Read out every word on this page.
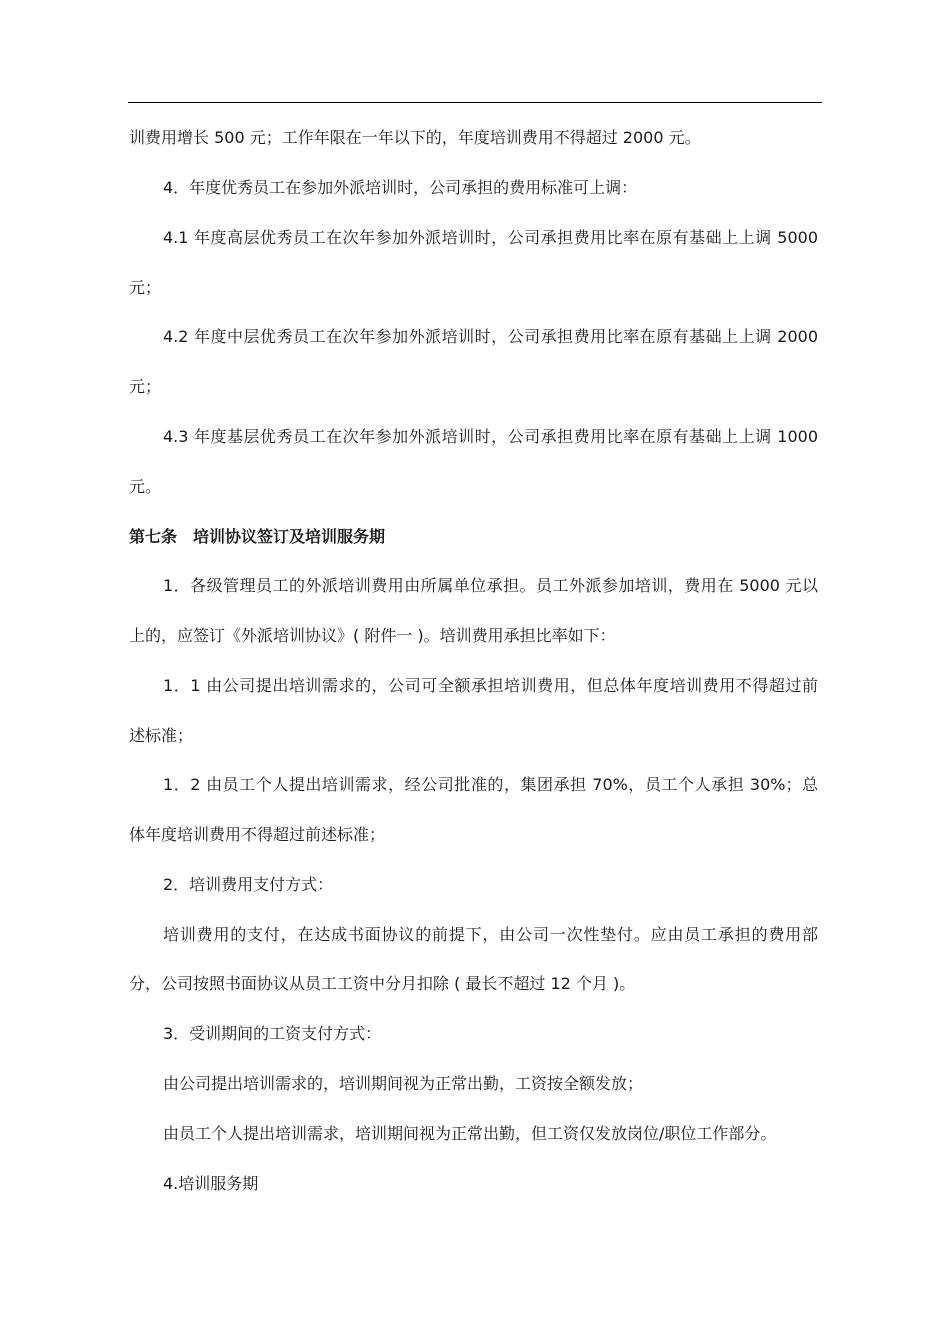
训费用增长 500 元；工作年限在一年以下的，年度培训费用不得超过 2000 元。
4．年度优秀员工在参加外派培训时，公司承担的费用标准可上调：
4.1 年度高层优秀员工在次年参加外派培训时，公司承担费用比率在原有基础上上调 5000
元；
4.2 年度中层优秀员工在次年参加外派培训时，公司承担费用比率在原有基础上上调 2000
元；
4.3 年度基层优秀员工在次年参加外派培训时，公司承担费用比率在原有基础上上调 1000
元。
第七条　培训协议签订及培训服务期
1．各级管理员工的外派培训费用由所属单位承担。员工外派参加培训，费用在 5000 元以
上的，应签订《外派培训协议》( 附件一 )。培训费用承担比率如下：
1．1 由公司提出培训需求的，公司可全额承担培训费用，但总体年度培训费用不得超过前
述标准；
1．2 由员工个人提出培训需求，经公司批准的，集团承担 70%，员工个人承担 30%；总
体年度培训费用不得超过前述标准；
2．培训费用支付方式：
培训费用的支付，在达成书面协议的前提下，由公司一次性垫付。应由员工承担的费用部
分，公司按照书面协议从员工工资中分月扣除 ( 最长不超过 12 个月 )。
3．受训期间的工资支付方式：
由公司提出培训需求的，培训期间视为正常出勤，工资按全额发放；
由员工个人提出培训需求，培训期间视为正常出勤，但工资仅发放岗位/职位工作部分。
4.培训服务期
